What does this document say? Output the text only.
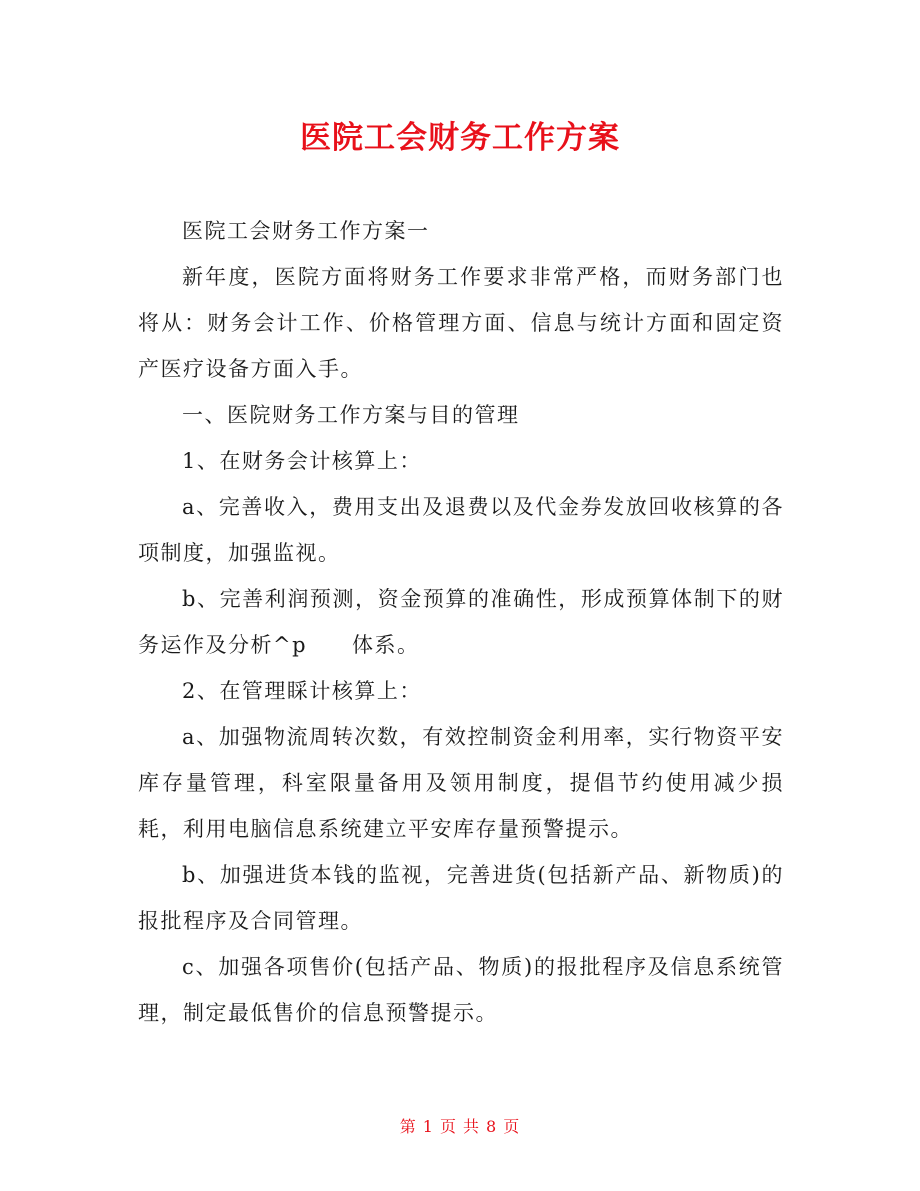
医院工会财务工作方案

医院工会财务工作方案一

新年度，医院方面将财务工作要求非常严格，而财务部门也将从：财务会计工作、价格管理方面、信息与统计方面和固定资产医疗设备方面入手。

一、医院财务工作方案与目的管理

1、在财务会计核算上：

a、完善收入，费用支出及退费以及代金券发放回收核算的各项制度，加强监视。

b、完善利润预测，资金预算的准确性，形成预算体制下的财务运作及分析^p　　体系。

2、在管理睬计核算上：

a、加强物流周转次数，有效控制资金利用率，实行物资平安库存量管理，科室限量备用及领用制度，提倡节约使用减少损耗，利用电脑信息系统建立平安库存量预警提示。

b、加强进货本钱的监视，完善进货(包括新产品、新物质)的报批程序及合同管理。

c、加强各项售价(包括产品、物质)的报批程序及信息系统管理，制定最低售价的信息预警提示。

第 1 页 共 8 页
